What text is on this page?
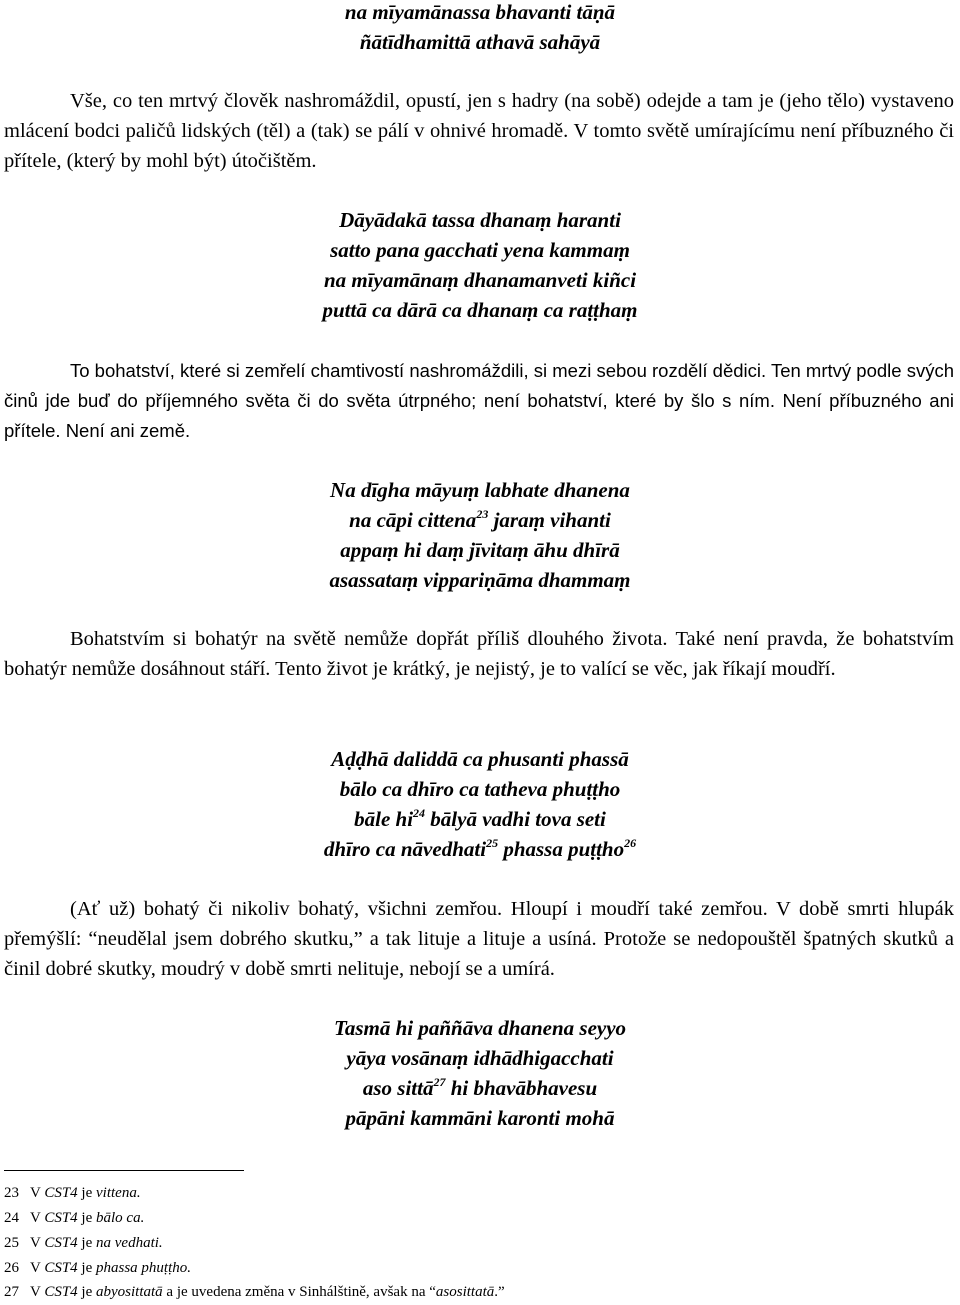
na mīyamānassa bhavanti tāṇā
ñātīdhamittā athavā sahāyā
Vše, co ten mrtvý člověk nashromáždil, opustí, jen s hadry (na sobě) odejde a tam je (jeho tělo) vystaveno mlácení bodci paličů lidských (těl) a (tak) se pálí v ohnivé hromadě. V tomto světě umírajícímu není příbuzného či přítele, (který by mohl být) útočištěm.
Dāyādakā tassa dhanaṃ haranti
satto pana gacchati yena kammaṃ
na mīyamānaṃ dhanamanveti kiñci
puttā ca dārā ca dhanaṃ ca raṭṭhaṃ
To bohatství, které si zemřelí chamtivostí nashromáždili, si mezi sebou rozdělí dědici. Ten mrtvý podle svých činů jde buď do příjemného světa či do světa útrpného; není bohatství, které by šlo s ním. Není příbuzného ani přítele. Není ani země.
Na dīgha māyuṃ labhate dhanena
na cāpi cittena$^{23}$ jaraṃ vihanti
appaṃ hi daṃ jīvitaṃ āhu dhīrā
asassataṃ vippariṇāma dhammaṃ
Bohatstvím si bohatýr na světě nemůže dopřát příliš dlouhého života. Také není pravda, že bohatstvím bohatýr nemůže dosáhnout stáří. Tento život je krátký, je nejistý, je to valící se věc, jak říkají moudří.
Aḍḍhā daliddā ca phusanti phassā
bālo ca dhīro ca tatheva phuṭṭho
bāle $hi^{24}$ bālyā vadhi tova seti
dhīro ca nāvedhati$^{25}$ phassa puṭṭho$^{26}$
(Ať už) bohatý či nikoliv bohatý, všichni zemřou. Hloupí i moudří také zemřou. V době smrti hlupák přemýšlí: “neudělal jsem dobrého skutku,” a tak lituje a lituje a usíná. Protože se nedopouštěl špatných skutků a činil dobré skutky, moudrý v době smrti nelituje, nebojí se a umírá.
Tasmā hi paññāva dhanena seyyo
yāya vosānaṃ idhādhigacchati
aso sittā$^{27}$ hi bhavābhavesu
pāpāni kammāni karonti mohā
23 V CST4 je vittena.
24 V CST4 je bālo ca.
25 V CST4 je na vedhati.
26 V CST4 je phassa phuṭṭho.
27 V CST4 je abyosittatā a je uvedena změna v Sinhálštině, avšak na “asosittatā.”
